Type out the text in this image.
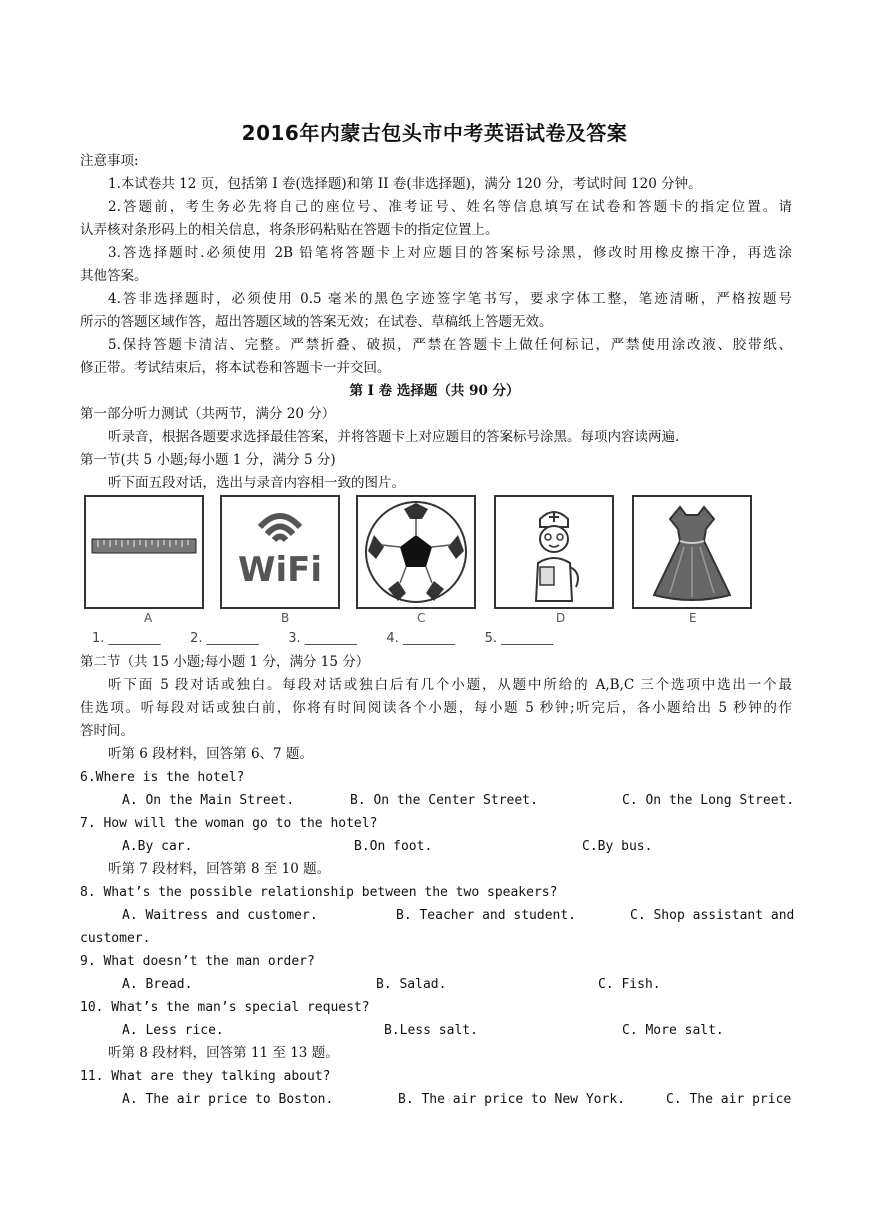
2016年内蒙古包头市中考英语试卷及答案
注意事项:
1.本试卷共 12 页，包括第 I 卷(选择题)和第 II 卷(非选择题)，满分 120 分，考试时间 120 分钟。
2.答题前，考生务必先将自己的座位号、准考证号、姓名等信息填写在试卷和答题卡的指定位置。请
认弄核对条形码上的相关信息，将条形码粘贴在答题卡的指定位置上。
3.答选择题时.必须使用 2B 铅笔将答题卡上对应题目的答案标号涂黑，修改时用橡皮擦干净，再选涂
其他答案。
4.答非选择题时，必须使用 0.5 毫米的黑色字迹签字笔书写，要求字体工整，笔迹清晰，严格按题号
所示的答题区域作答，超出答题区域的答案无效；在试卷、草稿纸上答题无效。
5.保持答题卡清洁、完整。严禁折叠、破损，严禁在答题卡上做任何标记，严禁使用涂改液、胶带纸、
修正带。考试结束后，将本试卷和答题卡一并交回。
第 I 卷 选择题（共 90 分）
第一部分听力测试（共两节，满分 20 分）
听录音，根据各题要求选择最佳答案，并将答题卡上对应题目的答案标号涂黑。每项内容读两遍.
第一节(共 5 小题;每小题 1 分，满分 5 分)
听下面五段对话，选出与录音内容相一致的图片。
A
WiFi
B	C	D	E
1. ________ 2. ________ 3. ________ 4. ________ 5. ________
第二节（共 15 小题;每小题 1 分，满分 15 分）
听下面 5 段对话或独白。每段对话或独白后有几个小题，从题中所给的 A,B,C 三个选项中选出一个最
佳选项。听每段对话或独白前，你将有时间阅读各个小题，每小题 5 秒钟;听完后，各小题给出 5 秒钟的作
答时间。
听第 6 段材料，回答第 6、7 题。
6.Where is the hotel?
A. On the Main Street.	B. On the Center Street.	C. On the Long Street.
7. How will the woman go to the hotel?
A.By car.	B.On foot.	C.By bus.
听第 7 段材料，回答第 8 至 10 题。
8. What’s the possible relationship between the two speakers?
A. Waitress and customer.	B. Teacher and student.	C. Shop assistant and
customer.
9. What doesn’t the man order?
A. Bread.	B. Salad.	C. Fish.
10. What’s the man’s special request?
A. Less rice.	B.Less salt.	C. More salt.
听第 8 段材料，回答第 11 至 13 题。
11. What are they talking about?
A. The air price to Boston.	B. The air price to New York.	C. The air price
